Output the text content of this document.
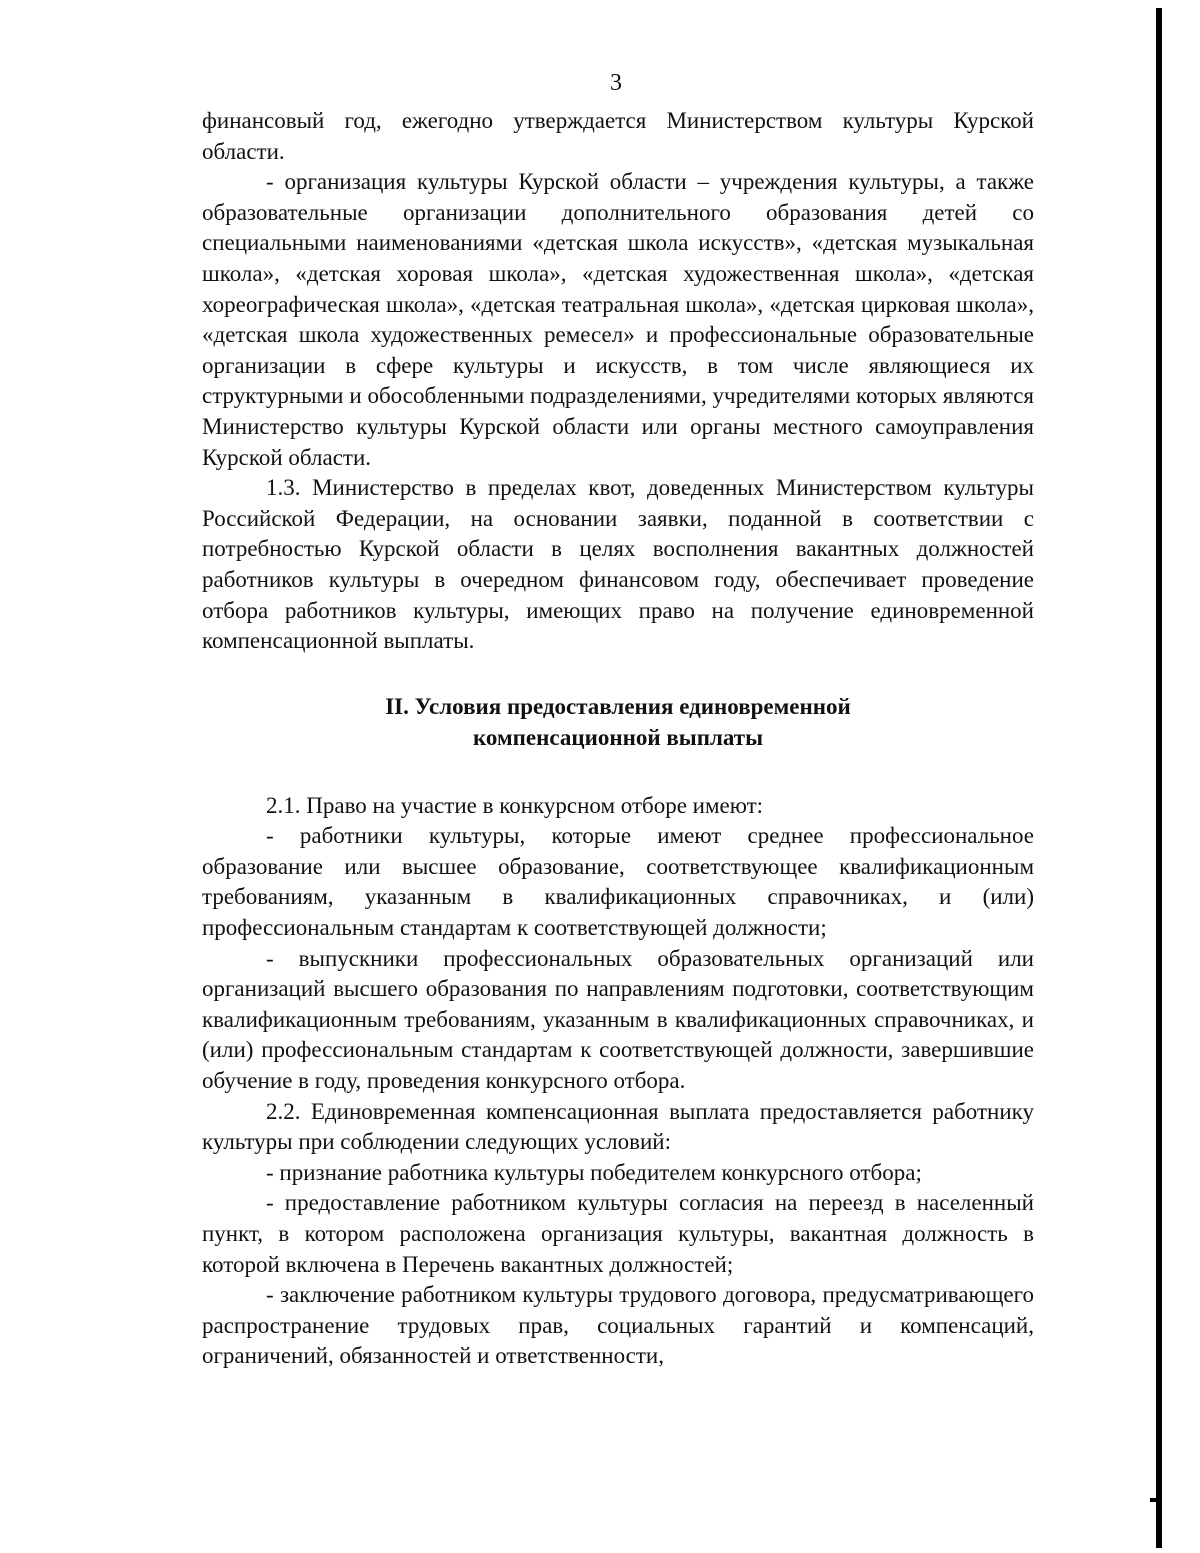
3

финансовый год, ежегодно утверждается Министерством культуры Курской области.

- организация культуры Курской области – учреждения культуры, а также образовательные организации дополнительного образования детей со специальными наименованиями «детская школа искусств», «детская музыкальная школа», «детская хоровая школа», «детская художественная школа», «детская хореографическая школа», «детская театральная школа», «детская цирковая школа», «детская школа художественных ремесел» и профессиональные образовательные организации в сфере культуры и искусств, в том числе являющиеся их структурными и обособленными подразделениями, учредителями которых являются Министерство культуры Курской области или органы местного самоуправления Курской области.

1.3. Министерство в пределах квот, доведенных Министерством культуры Российской Федерации, на основании заявки, поданной в соответствии с потребностью Курской области в целях восполнения вакантных должностей работников культуры в очередном финансовом году, обеспечивает проведение отбора работников культуры, имеющих право на получение единовременной компенсационной выплаты.

II. Условия предоставления единовременной
компенсационной выплаты

2.1. Право на участие в конкурсном отборе имеют:

- работники культуры, которые имеют среднее профессиональное образование или высшее образование, соответствующее квалификационным требованиям, указанным в квалификационных справочниках, и (или) профессиональным стандартам к соответствующей должности;

- выпускники профессиональных образовательных организаций или организаций высшего образования по направлениям подготовки, соответствующим квалификационным требованиям, указанным в квалификационных справочниках, и (или) профессиональным стандартам к соответствующей должности, завершившие обучение в году, проведения конкурсного отбора.

2.2. Единовременная компенсационная выплата предоставляется работнику культуры при соблюдении следующих условий:

- признание работника культуры победителем конкурсного отбора;

- предоставление работником культуры согласия на переезд в населенный пункт, в котором расположена организация культуры, вакантная должность в которой включена в Перечень вакантных должностей;

- заключение работником культуры трудового договора, предусматривающего распространение трудовых прав, социальных гарантий и компенсаций, ограничений, обязанностей и ответственности,
